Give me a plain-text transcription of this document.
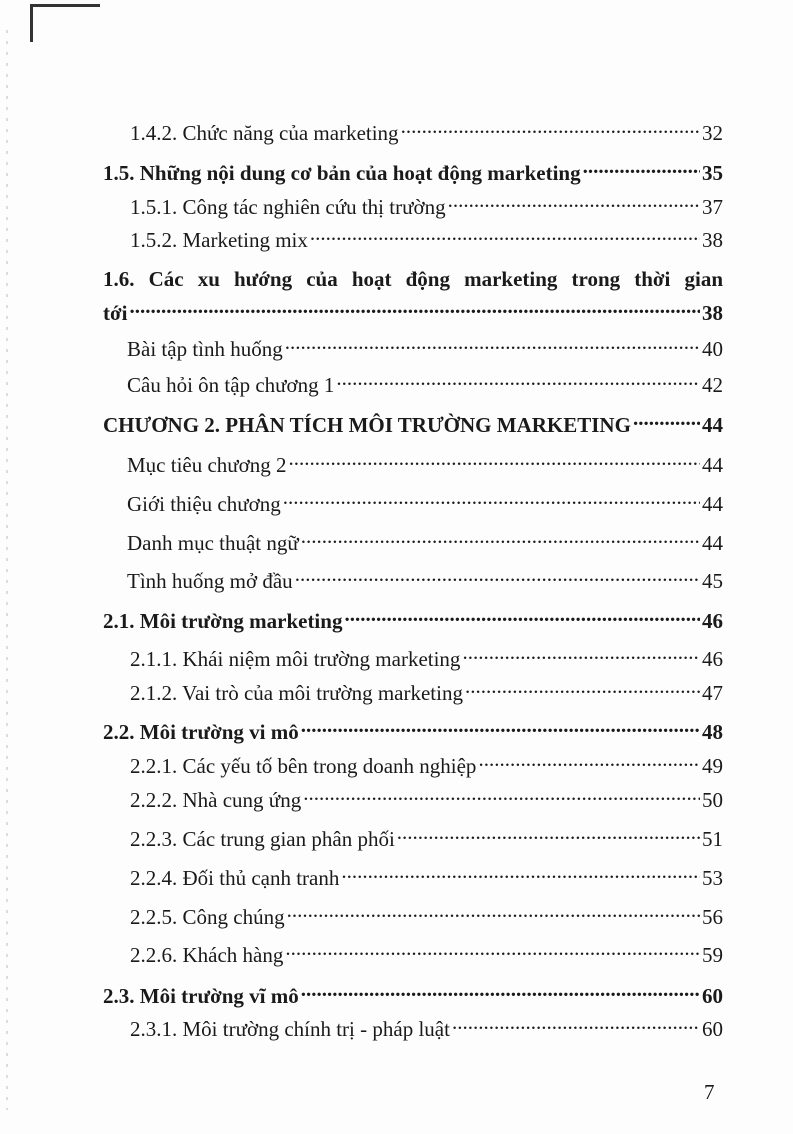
1.4.2. Chức năng của marketing .....	32
1.5. Những nội dung cơ bản của hoạt động marketing .....	35
1.5.1. Công tác nghiên cứu thị trường .....	37
1.5.2. Marketing mix .....	38
1.6. Các xu hướng của hoạt động marketing trong thời gian
tới .....	38
Bài tập tình huống .....	40
Câu hỏi ôn tập chương 1 .....	42
CHƯƠNG 2. PHÂN TÍCH MÔI TRƯỜNG MARKETING .....	44
Mục tiêu chương 2 .....	44
Giới thiệu chương .....	44
Danh mục thuật ngữ .....	44
Tình huống mở đầu .....	45
2.1. Môi trường marketing .....	46
2.1.1. Khái niệm môi trường marketing .....	46
2.1.2. Vai trò của môi trường marketing .....	47
2.2. Môi trường vi mô .....	48
2.2.1. Các yếu tố bên trong doanh nghiệp .....	49
2.2.2. Nhà cung ứng .....	50
2.2.3. Các trung gian phân phối .....	51
2.2.4. Đối thủ cạnh tranh .....	53
2.2.5. Công chúng .....	56
2.2.6. Khách hàng .....	59
2.3. Môi trường vĩ mô .....	60
2.3.1. Môi trường chính trị - pháp luật .....	60
7
